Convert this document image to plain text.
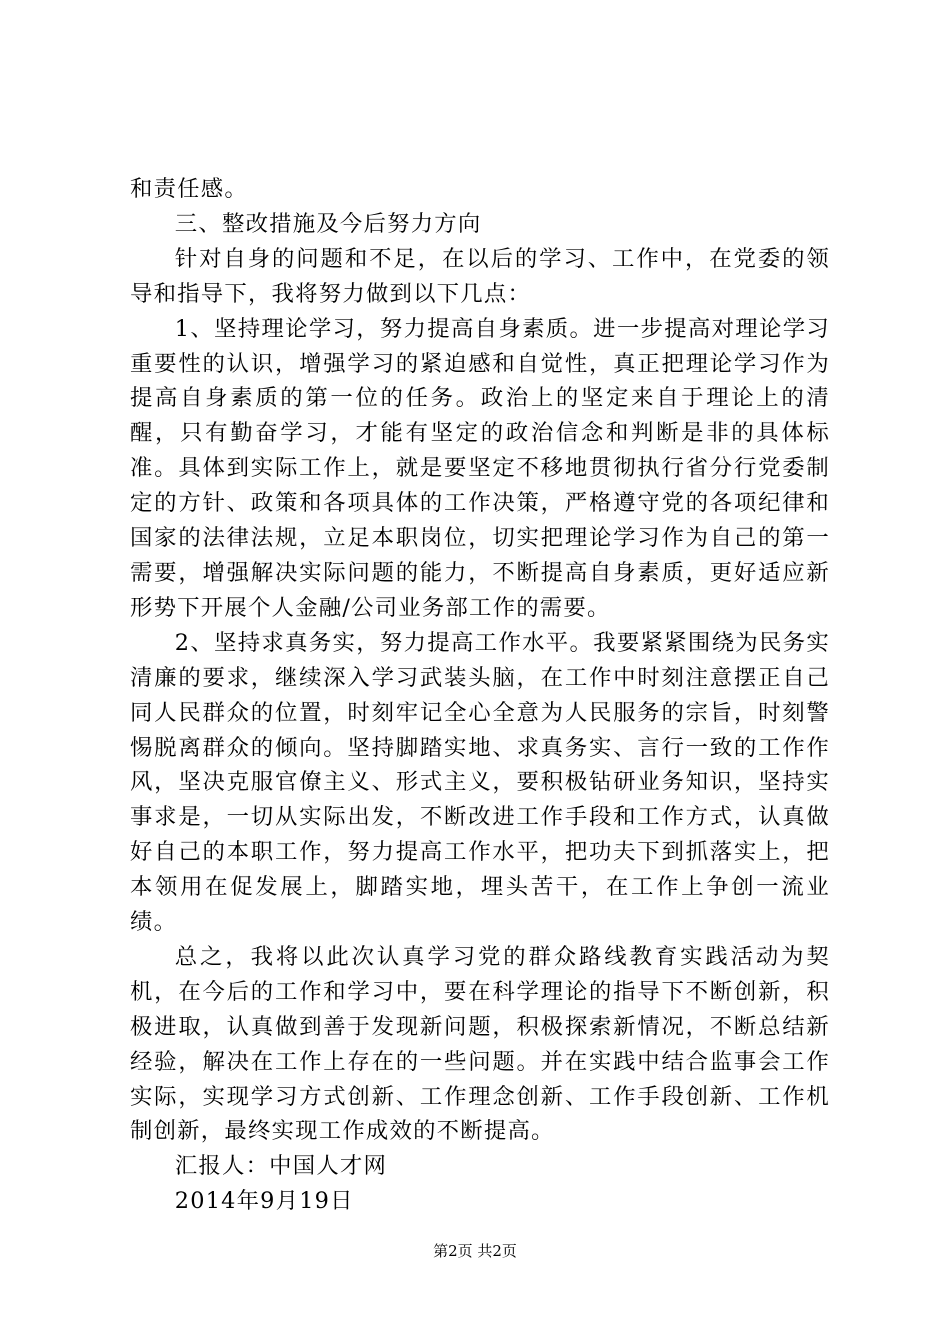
和责任感。

三、整改措施及今后努力方向

针对自身的问题和不足，在以后的学习、工作中，在党委的领导和指导下，我将努力做到以下几点：

1、坚持理论学习，努力提高自身素质。进一步提高对理论学习重要性的认识，增强学习的紧迫感和自觉性，真正把理论学习作为提高自身素质的第一位的任务。政治上的坚定来自于理论上的清醒，只有勤奋学习，才能有坚定的政治信念和判断是非的具体标准。具体到实际工作上，就是要坚定不移地贯彻执行省分行党委制定的方针、政策和各项具体的工作决策，严格遵守党的各项纪律和国家的法律法规，立足本职岗位，切实把理论学习作为自己的第一需要，增强解决实际问题的能力，不断提高自身素质，更好适应新形势下开展个人金融/公司业务部工作的需要。

2、坚持求真务实，努力提高工作水平。我要紧紧围绕为民务实清廉的要求，继续深入学习武装头脑，在工作中时刻注意摆正自己同人民群众的位置，时刻牢记全心全意为人民服务的宗旨，时刻警惕脱离群众的倾向。坚持脚踏实地、求真务实、言行一致的工作作风，坚决克服官僚主义、形式主义，要积极钻研业务知识，坚持实事求是，一切从实际出发，不断改进工作手段和工作方式，认真做好自己的本职工作，努力提高工作水平，把功夫下到抓落实上，把本领用在促发展上，脚踏实地，埋头苦干，在工作上争创一流业绩。

总之，我将以此次认真学习党的群众路线教育实践活动为契机，在今后的工作和学习中，要在科学理论的指导下不断创新，积极进取，认真做到善于发现新问题，积极探索新情况，不断总结新经验，解决在工作上存在的一些问题。并在实践中结合监事会工作实际，实现学习方式创新、工作理念创新、工作手段创新、工作机制创新，最终实现工作成效的不断提高。

汇报人：中国人才网

2014年9月19日

第2页 共2页
